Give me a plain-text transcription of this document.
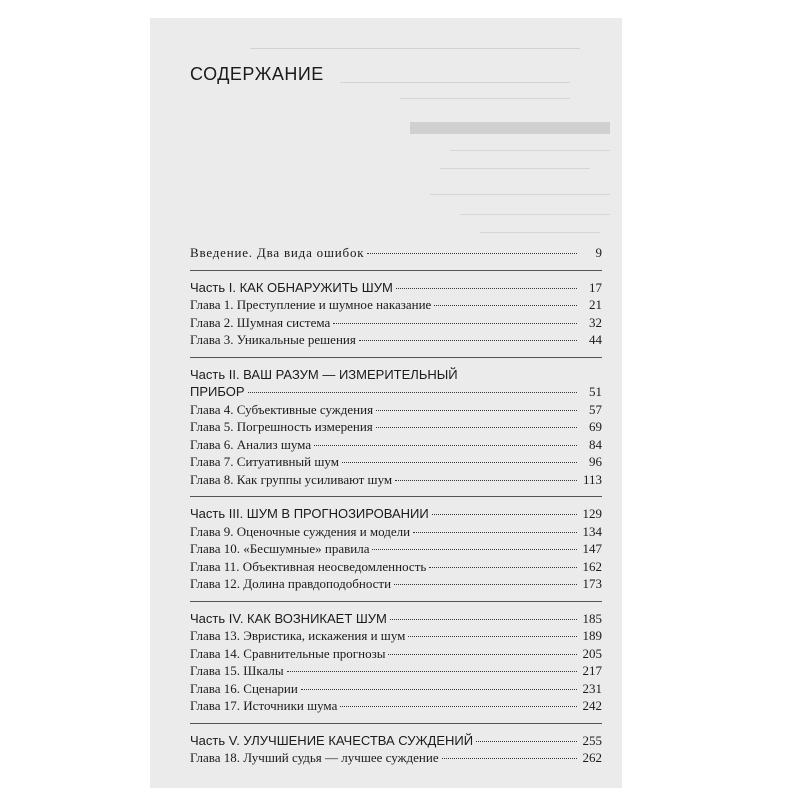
СОДЕРЖАНИЕ
Введение. Два вида ошибок	9
Часть I. КАК ОБНАРУЖИТЬ ШУМ	17
Глава 1. Преступление и шумное наказание	21
Глава 2. Шумная система	32
Глава 3. Уникальные решения	44
Часть II. ВАШ РАЗУМ — ИЗМЕРИТЕЛЬНЫЙ
ПРИБОР	51
Глава 4. Субъективные суждения	57
Глава 5. Погрешность измерения	69
Глава 6. Анализ шума	84
Глава 7. Ситуативный шум	96
Глава 8. Как группы усиливают шум	113
Часть III. ШУМ В ПРОГНОЗИРОВАНИИ	129
Глава 9. Оценочные суждения и модели	134
Глава 10. «Бесшумные» правила	147
Глава 11. Объективная неосведомленность	162
Глава 12. Долина правдоподобности	173
Часть IV. КАК ВОЗНИКАЕТ ШУМ	185
Глава 13. Эвристика, искажения и шум	189
Глава 14. Сравнительные прогнозы	205
Глава 15. Шкалы	217
Глава 16. Сценарии	231
Глава 17. Источники шума	242
Часть V. УЛУЧШЕНИЕ КАЧЕСТВА СУЖДЕНИЙ	255
Глава 18. Лучший судья — лучшее суждение	262
